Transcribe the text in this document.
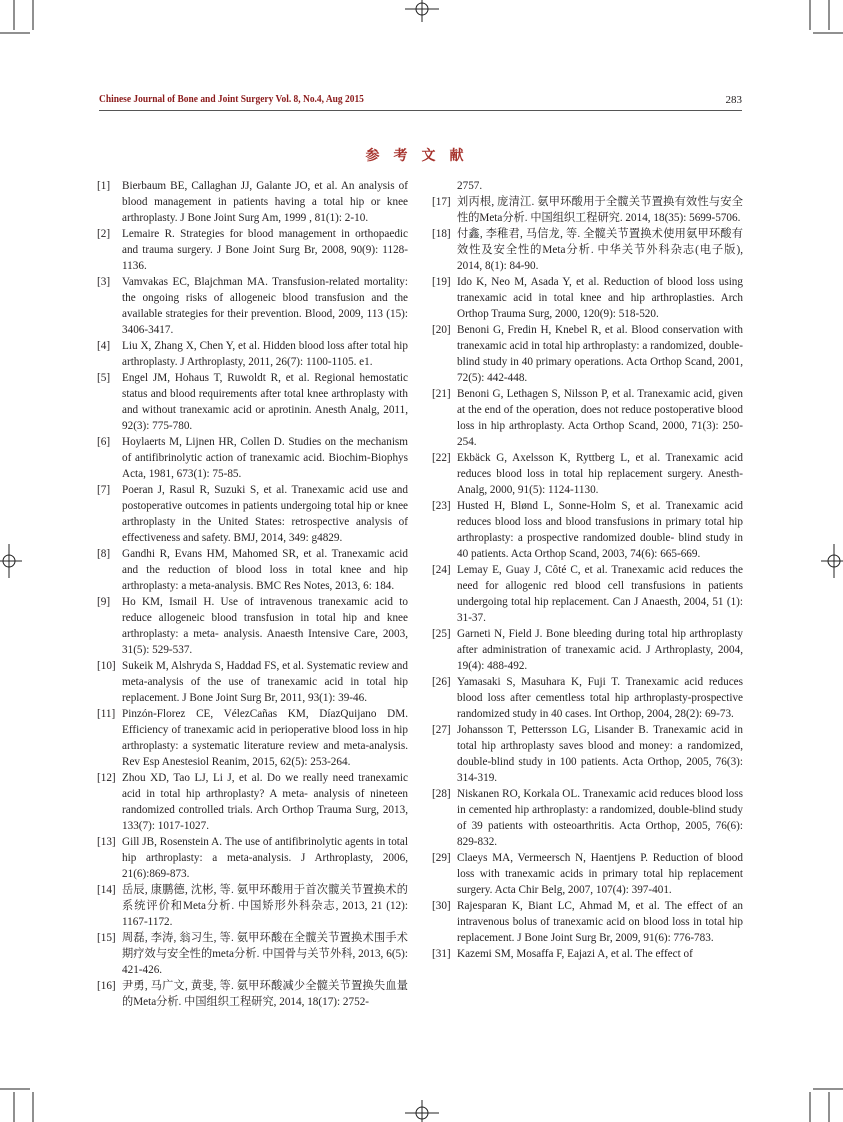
Chinese Journal of Bone and Joint Surgery Vol. 8, No.4, Aug 2015	283
参考文献
[1] Bierbaum BE, Callaghan JJ, Galante JO, et al. An analysis of blood management in patients having a total hip or knee arthroplasty. J Bone Joint Surg Am, 1999 , 81(1): 2-10.
[2] Lemaire R. Strategies for blood management in orthopaedic and trauma surgery. J Bone Joint Surg Br, 2008, 90(9): 1128-1136.
[3] Vamvakas EC, Blajchman MA. Transfusion-related mortality: the ongoing risks of allogeneic blood transfusion and the available strategies for their prevention. Blood, 2009, 113 (15): 3406-3417.
[4] Liu X, Zhang X, Chen Y, et al. Hidden blood loss after total hip arthroplasty. J Arthroplasty, 2011, 26(7): 1100-1105. e1.
[5] Engel JM, Hohaus T, Ruwoldt R, et al. Regional hemostatic status and blood requirements after total knee arthroplasty with and without tranexamic acid or aprotinin. Anesth Analg, 2011, 92(3): 775-780.
[6] Hoylaerts M, Lijnen HR, Collen D. Studies on the mechanism of antifibrinolytic action of tranexamic acid. Biochim-Biophys Acta, 1981, 673(1): 75-85.
[7] Poeran J, Rasul R, Suzuki S, et al. Tranexamic acid use and postoperative outcomes in patients undergoing total hip or knee arthroplasty in the United States: retrospective analysis of effectiveness and safety. BMJ, 2014, 349: g4829.
[8] Gandhi R, Evans HM, Mahomed SR, et al. Tranexamic acid and the reduction of blood loss in total knee and hip arthroplasty: a meta-analysis. BMC Res Notes, 2013, 6: 184.
[9] Ho KM, Ismail H. Use of intravenous tranexamic acid to reduce allogeneic blood transfusion in total hip and knee arthroplasty: a meta- analysis. Anaesth Intensive Care, 2003, 31(5): 529-537.
[10] Sukeik M, Alshryda S, Haddad FS, et al. Systematic review and meta-analysis of the use of tranexamic acid in total hip replacement. J Bone Joint Surg Br, 2011, 93(1): 39-46.
[11] Pinzón-Florez CE, VélezCañas KM, DíazQuijano DM. Efficiency of tranexamic acid in perioperative blood loss in hip arthroplasty: a systematic literature review and meta-analysis. Rev Esp Anestesiol Reanim, 2015, 62(5): 253-264.
[12] Zhou XD, Tao LJ, Li J, et al. Do we really need tranexamic acid in total hip arthroplasty? A meta- analysis of nineteen randomized controlled trials. Arch Orthop Trauma Surg, 2013, 133(7): 1017-1027.
[13] Gill JB, Rosenstein A. The use of antifibrinolytic agents in total hip arthroplasty: a meta-analysis. J Arthroplasty, 2006, 21(6):869-873.
[14] 岳辰, 康鹏德, 沈彬, 等. 氨甲环酸用于首次髋关节置换术的系统评价和Meta分析. 中国矫形外科杂志, 2013, 21 (12): 1167-1172.
[15] 周磊, 李涛, 翁习生, 等. 氨甲环酸在全髋关节置换术围手术期疗效与安全性的meta分析. 中国骨与关节外科, 2013, 6(5): 421-426.
[16] 尹勇, 马广文, 黄斐, 等. 氨甲环酸减少全髋关节置换失血量的Meta分析. 中国组织工程研究, 2014, 18(17): 2752-
2757.
[17] 刘丙根, 庞清江. 氨甲环酸用于全髋关节置换有效性与安全性的Meta分析. 中国组织工程研究. 2014, 18(35): 5699-5706.
[18] 付鑫, 李稚君, 马信龙, 等. 全髋关节置换术使用氨甲环酸有效性及安全性的Meta分析. 中华关节外科杂志(电子版), 2014, 8(1): 84-90.
[19] Ido K, Neo M, Asada Y, et al. Reduction of blood loss using tranexamic acid in total knee and hip arthroplasties. Arch Orthop Trauma Surg, 2000, 120(9): 518-520.
[20] Benoni G, Fredin H, Knebel R, et al. Blood conservation with tranexamic acid in total hip arthroplasty: a randomized, double-blind study in 40 primary operations. Acta Orthop Scand, 2001, 72(5): 442-448.
[21] Benoni G, Lethagen S, Nilsson P, et al. Tranexamic acid, given at the end of the operation, does not reduce postoperative blood loss in hip arthroplasty. Acta Orthop Scand, 2000, 71(3): 250-254.
[22] Ekbäck G, Axelsson K, Ryttberg L, et al. Tranexamic acid reduces blood loss in total hip replacement surgery. Anesth-Analg, 2000, 91(5): 1124-1130.
[23] Husted H, Blønd L, Sonne-Holm S, et al. Tranexamic acid reduces blood loss and blood transfusions in primary total hip arthroplasty: a prospective randomized double- blind study in 40 patients. Acta Orthop Scand, 2003, 74(6): 665-669.
[24] Lemay E, Guay J, Côté C, et al. Tranexamic acid reduces the need for allogenic red blood cell transfusions in patients undergoing total hip replacement. Can J Anaesth, 2004, 51 (1): 31-37.
[25] Garneti N, Field J. Bone bleeding during total hip arthroplasty after administration of tranexamic acid. J Arthroplasty, 2004, 19(4): 488-492.
[26] Yamasaki S, Masuhara K, Fuji T. Tranexamic acid reduces blood loss after cementless total hip arthroplasty-prospective randomized study in 40 cases. Int Orthop, 2004, 28(2): 69-73.
[27] Johansson T, Pettersson LG, Lisander B. Tranexamic acid in total hip arthroplasty saves blood and money: a randomized, double-blind study in 100 patients. Acta Orthop, 2005, 76(3): 314-319.
[28] Niskanen RO, Korkala OL. Tranexamic acid reduces blood loss in cemented hip arthroplasty: a randomized, double-blind study of 39 patients with osteoarthritis. Acta Orthop, 2005, 76(6): 829-832.
[29] Claeys MA, Vermeersch N, Haentjens P. Reduction of blood loss with tranexamic acids in primary total hip replacement surgery. Acta Chir Belg, 2007, 107(4): 397-401.
[30] Rajesparan K, Biant LC, Ahmad M, et al. The effect of an intravenous bolus of tranexamic acid on blood loss in total hip replacement. J Bone Joint Surg Br, 2009, 91(6): 776-783.
[31] Kazemi SM, Mosaffa F, Eajazi A, et al. The effect of
